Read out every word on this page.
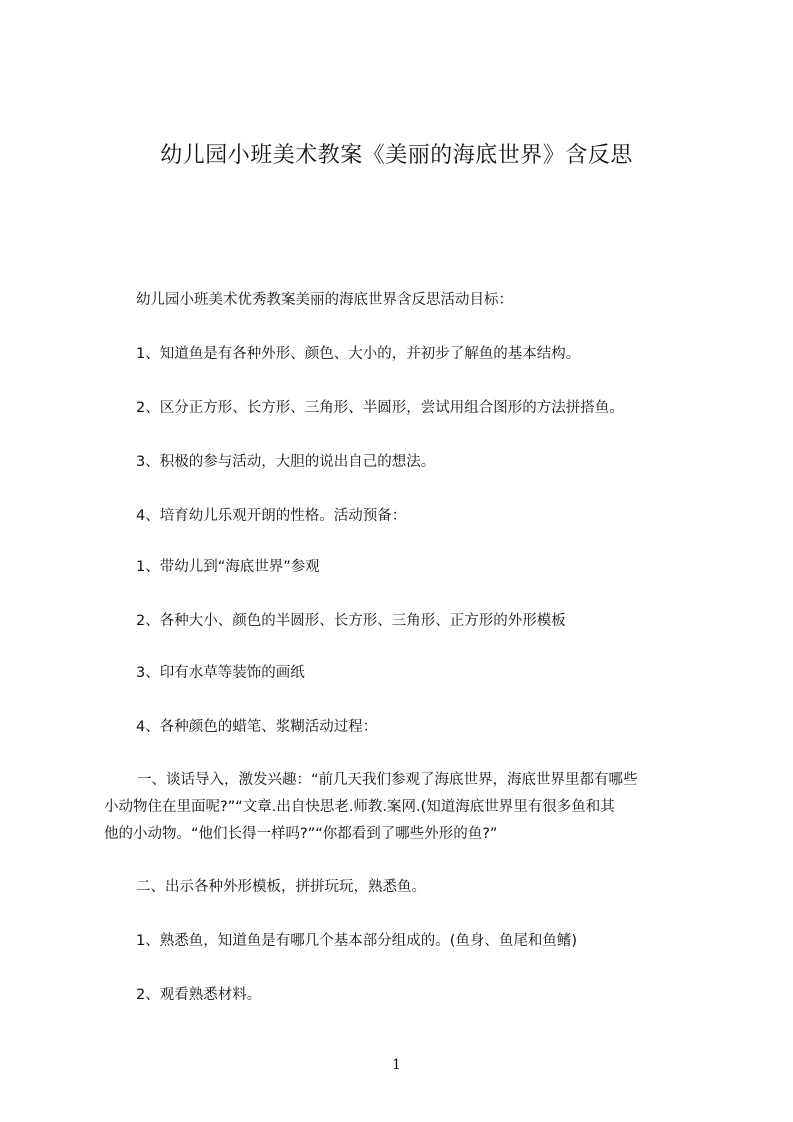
幼儿园小班美术教案《美丽的海底世界》含反思
幼儿园小班美术优秀教案美丽的海底世界含反思活动目标：
1、知道鱼是有各种外形、颜色、大小的，并初步了解鱼的基本结构。
2、区分正方形、长方形、三角形、半圆形，尝试用组合图形的方法拼搭鱼。
3、积极的参与活动，大胆的说出自己的想法。
4、培育幼儿乐观开朗的性格。活动预备：
1、带幼儿到“海底世界”参观
2、各种大小、颜色的半圆形、长方形、三角形、正方形的外形模板
3、印有水草等装饰的画纸
4、各种颜色的蜡笔、浆糊活动过程：
一、谈话导入，激发兴趣：“前几天我们参观了海底世界，海底世界里都有哪些
小动物住在里面呢?”“文章.出自快思老.师教.案网.(知道海底世界里有很多鱼和其
他的小动物。“他们长得一样吗?”“你都看到了哪些外形的鱼?”
二、出示各种外形模板，拼拼玩玩，熟悉鱼。
1、熟悉鱼，知道鱼是有哪几个基本部分组成的。(鱼身、鱼尾和鱼鳍)
2、观看熟悉材料。
1
